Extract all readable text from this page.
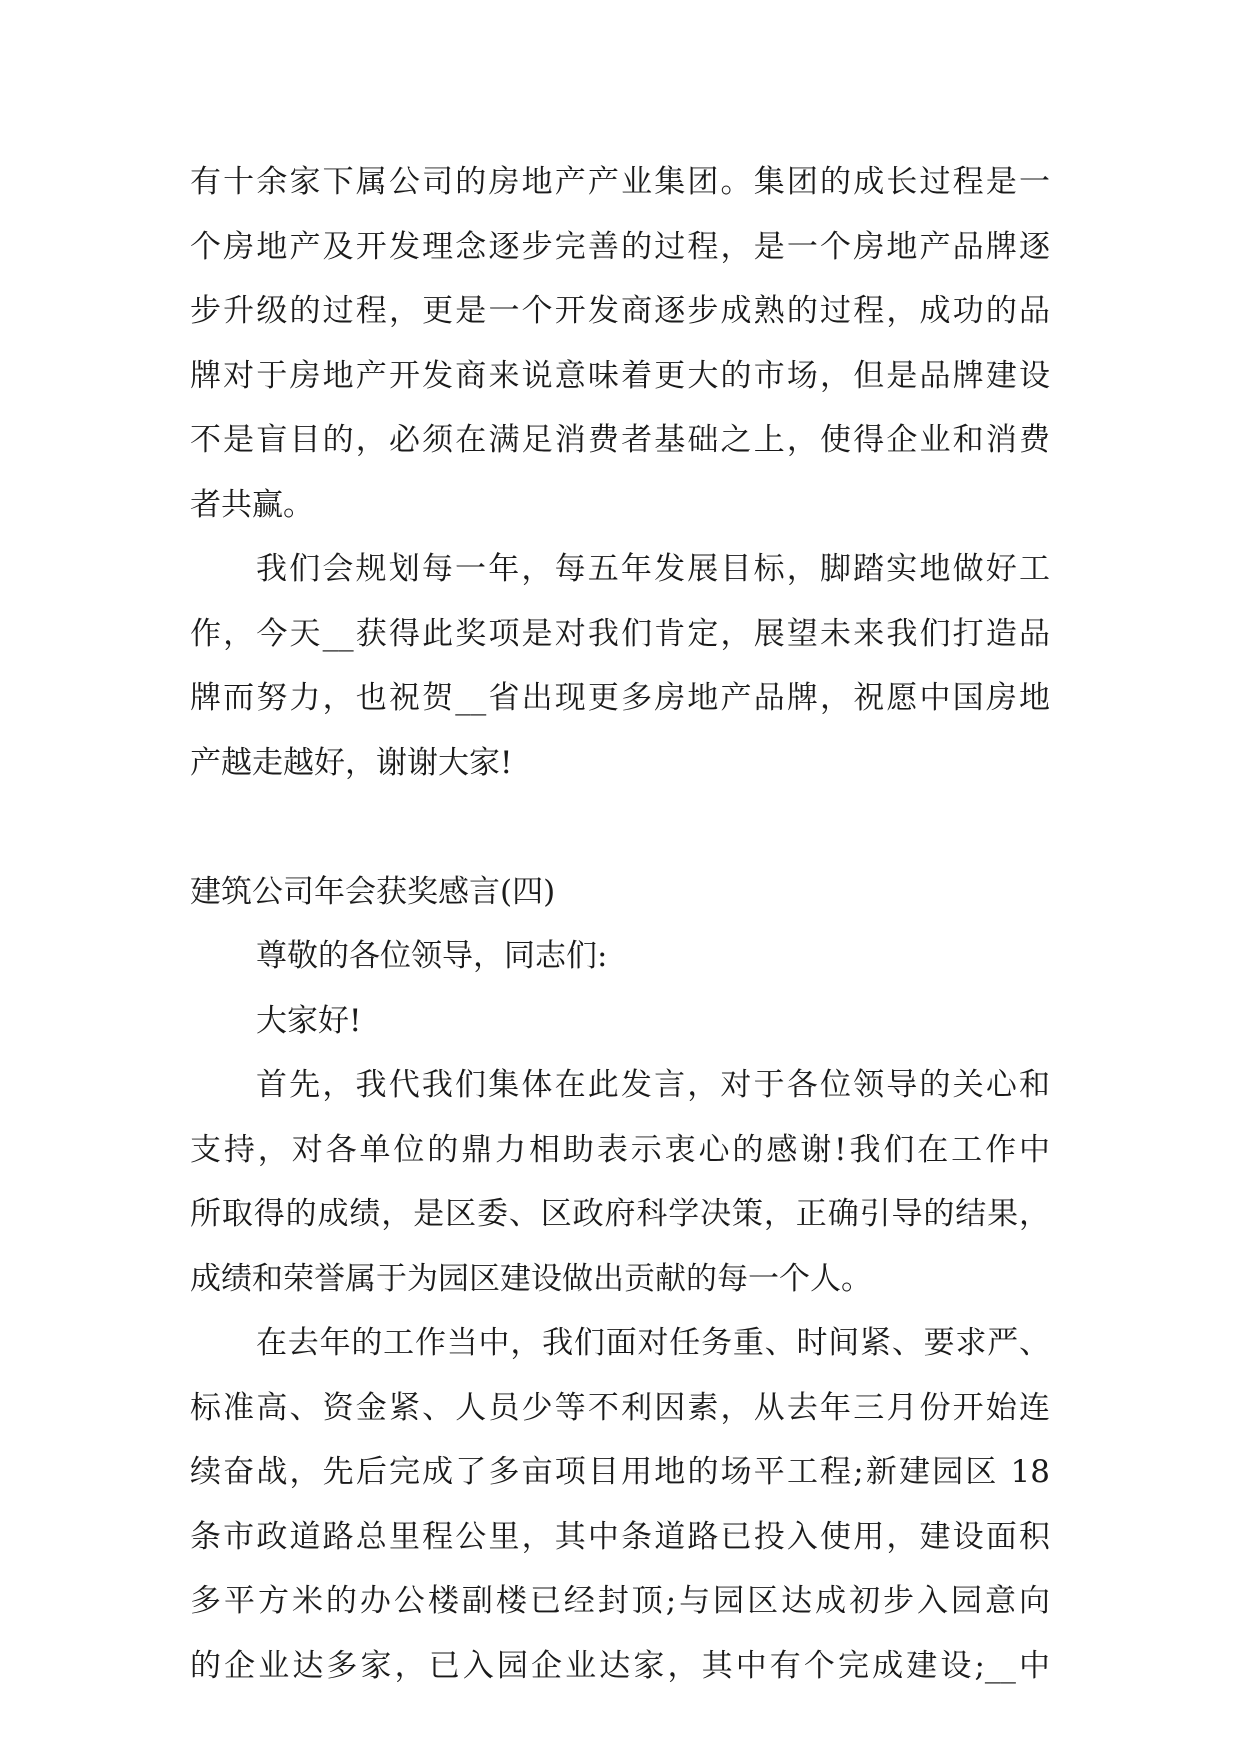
有十余家下属公司的房地产产业集团。集团的成长过程是一
个房地产及开发理念逐步完善的过程，是一个房地产品牌逐
步升级的过程，更是一个开发商逐步成熟的过程，成功的品
牌对于房地产开发商来说意味着更大的市场，但是品牌建设
不是盲目的，必须在满足消费者基础之上，使得企业和消费
者共赢。
我们会规划每一年，每五年发展目标，脚踏实地做好工
作，今天__获得此奖项是对我们肯定，展望未来我们打造品
牌而努力，也祝贺__省出现更多房地产品牌，祝愿中国房地
产越走越好，谢谢大家!
建筑公司年会获奖感言(四)
尊敬的各位领导，同志们:
大家好!
首先，我代我们集体在此发言，对于各位领导的关心和
支持，对各单位的鼎力相助表示衷心的感谢!我们在工作中
所取得的成绩，是区委、区政府科学决策，正确引导的结果，
成绩和荣誉属于为园区建设做出贡献的每一个人。
在去年的工作当中，我们面对任务重、时间紧、要求严、
标准高、资金紧、人员少等不利因素，从去年三月份开始连
续奋战，先后完成了多亩项目用地的场平工程;新建园区 18
条市政道路总里程公里，其中条道路已投入使用，建设面积
多平方米的办公楼副楼已经封顶;与园区达成初步入园意向
的企业达多家，已入园企业达家，其中有个完成建设;__中
